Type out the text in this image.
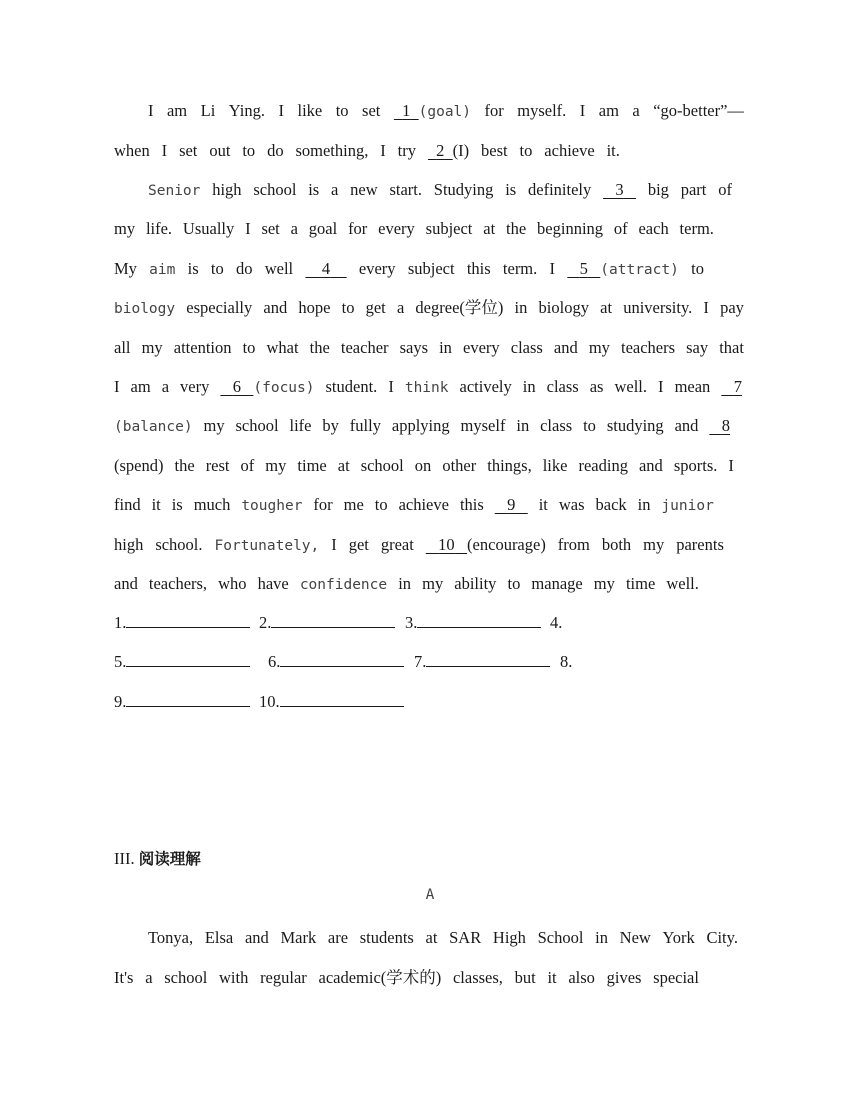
I am Li Ying. I like to set	1 (goal) for myself. I am a “go-better”—
when I set out to do something, I try	2 (I) best to achieve it.
Senior high school is a new start. Studying is definitely	3	big part of
my life. Usually I set a goal for every subject at the beginning of each term.
My aim is to do well	4	every subject this term. I	5 (attract) to
biology especially and hope to get a degree(学位) in biology at university. I pay
all my attention to what the teacher says in every class and my teachers say that
I am a very	6 (focus) student. I think actively in class as well. I mean	7
(balance) my school life by fully applying myself in class to studying and	8
(spend) the rest of my time at school on other things, like reading and sports. I
find it is much tougher for me to achieve this	9	it was back in junior
high school. Fortunately, I get great	10 (encourage) from both my parents
and teachers, who have confidence in my ability to manage my time well.
1.	2.	3.	4.
5.	6.	7.	8.
9.	10.
III. 阅读理解
A
Tonya, Elsa and Mark are students at SAR High School in New York City.
It's a school with regular academic(学术的) classes, but it also gives special
